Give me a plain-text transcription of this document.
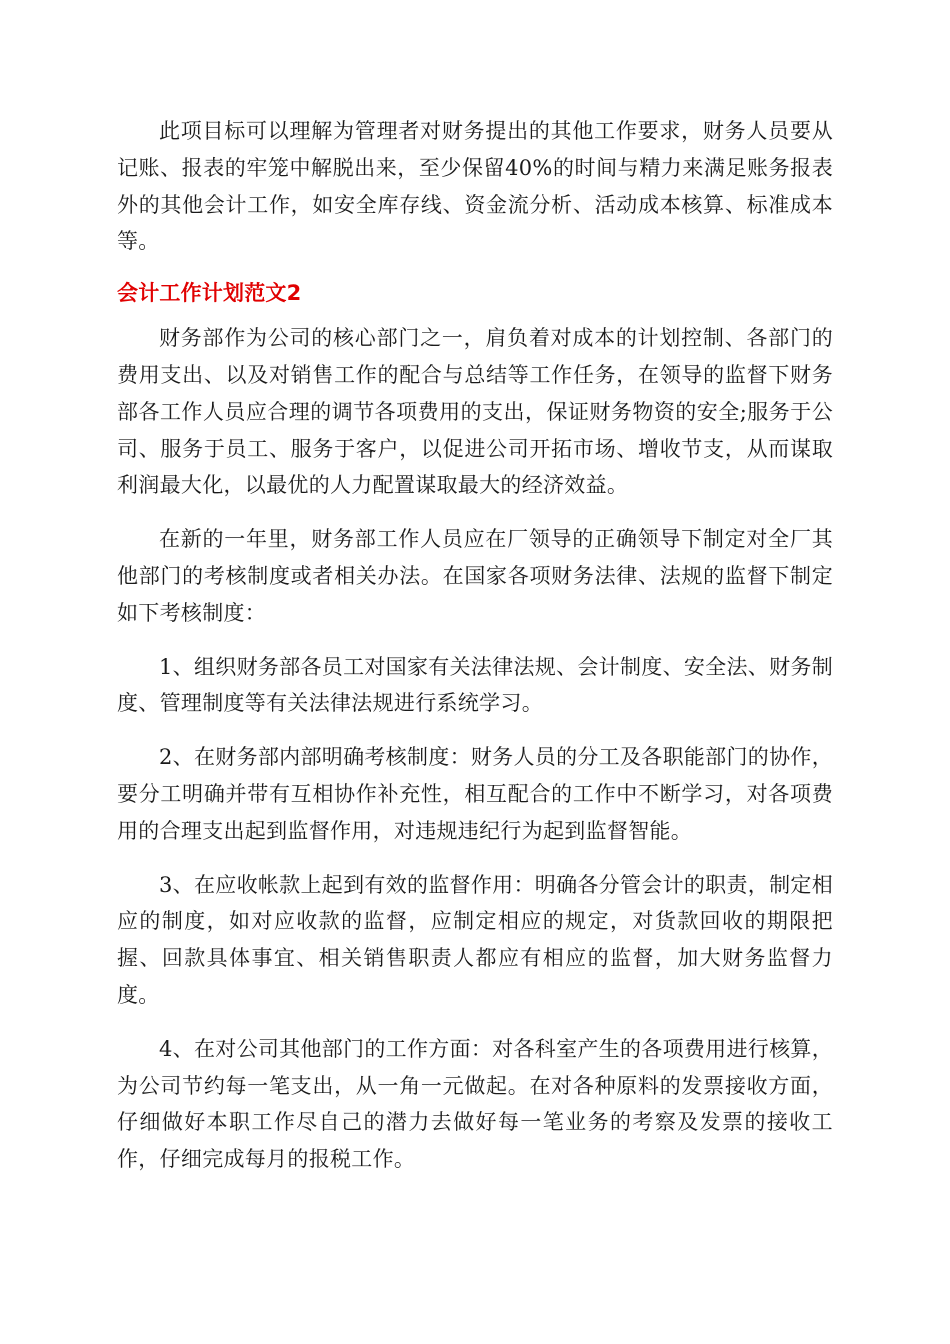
此项目标可以理解为管理者对财务提出的其他工作要求，财务人员要从记账、报表的牢笼中解脱出来，至少保留40%的时间与精力来满足账务报表外的其他会计工作，如安全库存线、资金流分析、活动成本核算、标准成本等。

会计工作计划范文2

财务部作为公司的核心部门之一，肩负着对成本的计划控制、各部门的费用支出、以及对销售工作的配合与总结等工作任务，在领导的监督下财务部各工作人员应合理的调节各项费用的支出，保证财务物资的安全;服务于公司、服务于员工、服务于客户，以促进公司开拓市场、增收节支，从而谋取利润最大化，以最优的人力配置谋取最大的经济效益。

在新的一年里，财务部工作人员应在厂领导的正确领导下制定对全厂其他部门的考核制度或者相关办法。在国家各项财务法律、法规的监督下制定如下考核制度：

1、组织财务部各员工对国家有关法律法规、会计制度、安全法、财务制度、管理制度等有关法律法规进行系统学习。

2、在财务部内部明确考核制度：财务人员的分工及各职能部门的协作，要分工明确并带有互相协作补充性，相互配合的工作中不断学习，对各项费用的合理支出起到监督作用，对违规违纪行为起到监督智能。

3、在应收帐款上起到有效的监督作用：明确各分管会计的职责，制定相应的制度，如对应收款的监督，应制定相应的规定，对货款回收的期限把握、回款具体事宜、相关销售职责人都应有相应的监督，加大财务监督力度。

4、在对公司其他部门的工作方面：对各科室产生的各项费用进行核算，为公司节约每一笔支出，从一角一元做起。在对各种原料的发票接收方面，仔细做好本职工作尽自己的潜力去做好每一笔业务的考察及发票的接收工作，仔细完成每月的报税工作。
